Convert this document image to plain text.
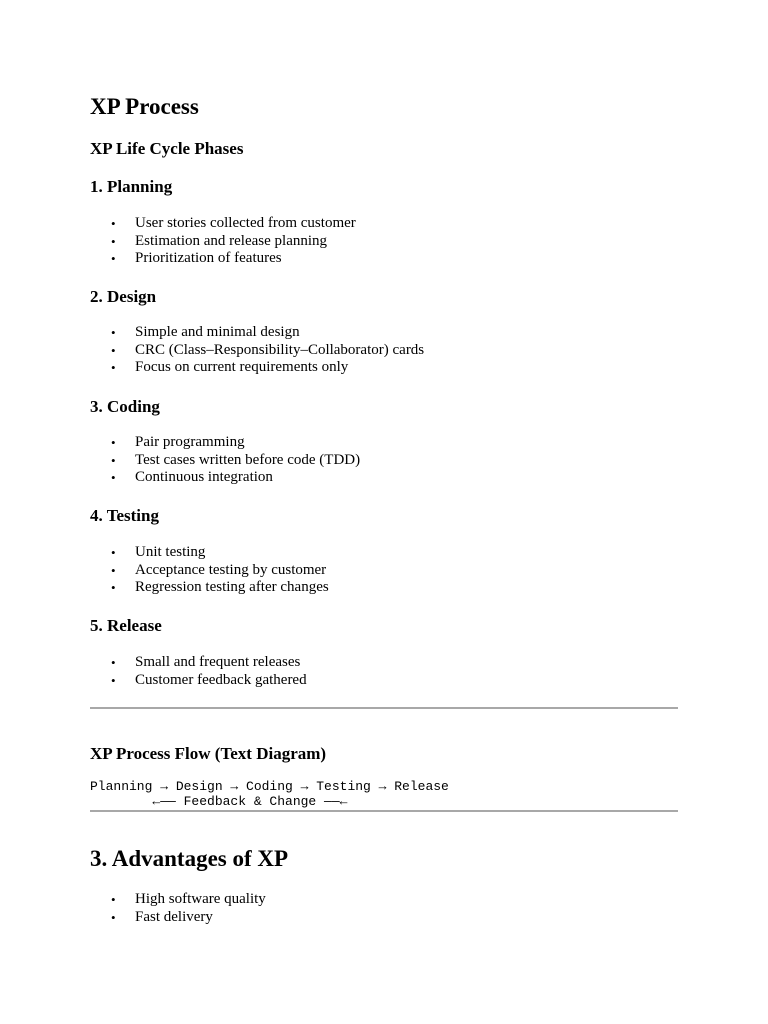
XP Process
XP Life Cycle Phases
1. Planning
• User stories collected from customer
• Estimation and release planning
• Prioritization of features
2. Design
• Simple and minimal design
• CRC (Class–Responsibility–Collaborator) cards
• Focus on current requirements only
3. Coding
• Pair programming
• Test cases written before code (TDD)
• Continuous integration
4. Testing
• Unit testing
• Acceptance testing by customer
• Regression testing after changes
5. Release
• Small and frequent releases
• Customer feedback gathered
XP Process Flow (Text Diagram)
Planning → Design → Coding → Testing → Release
←—— Feedback & Change ——←
3. Advantages of XP
• High software quality
• Fast delivery
